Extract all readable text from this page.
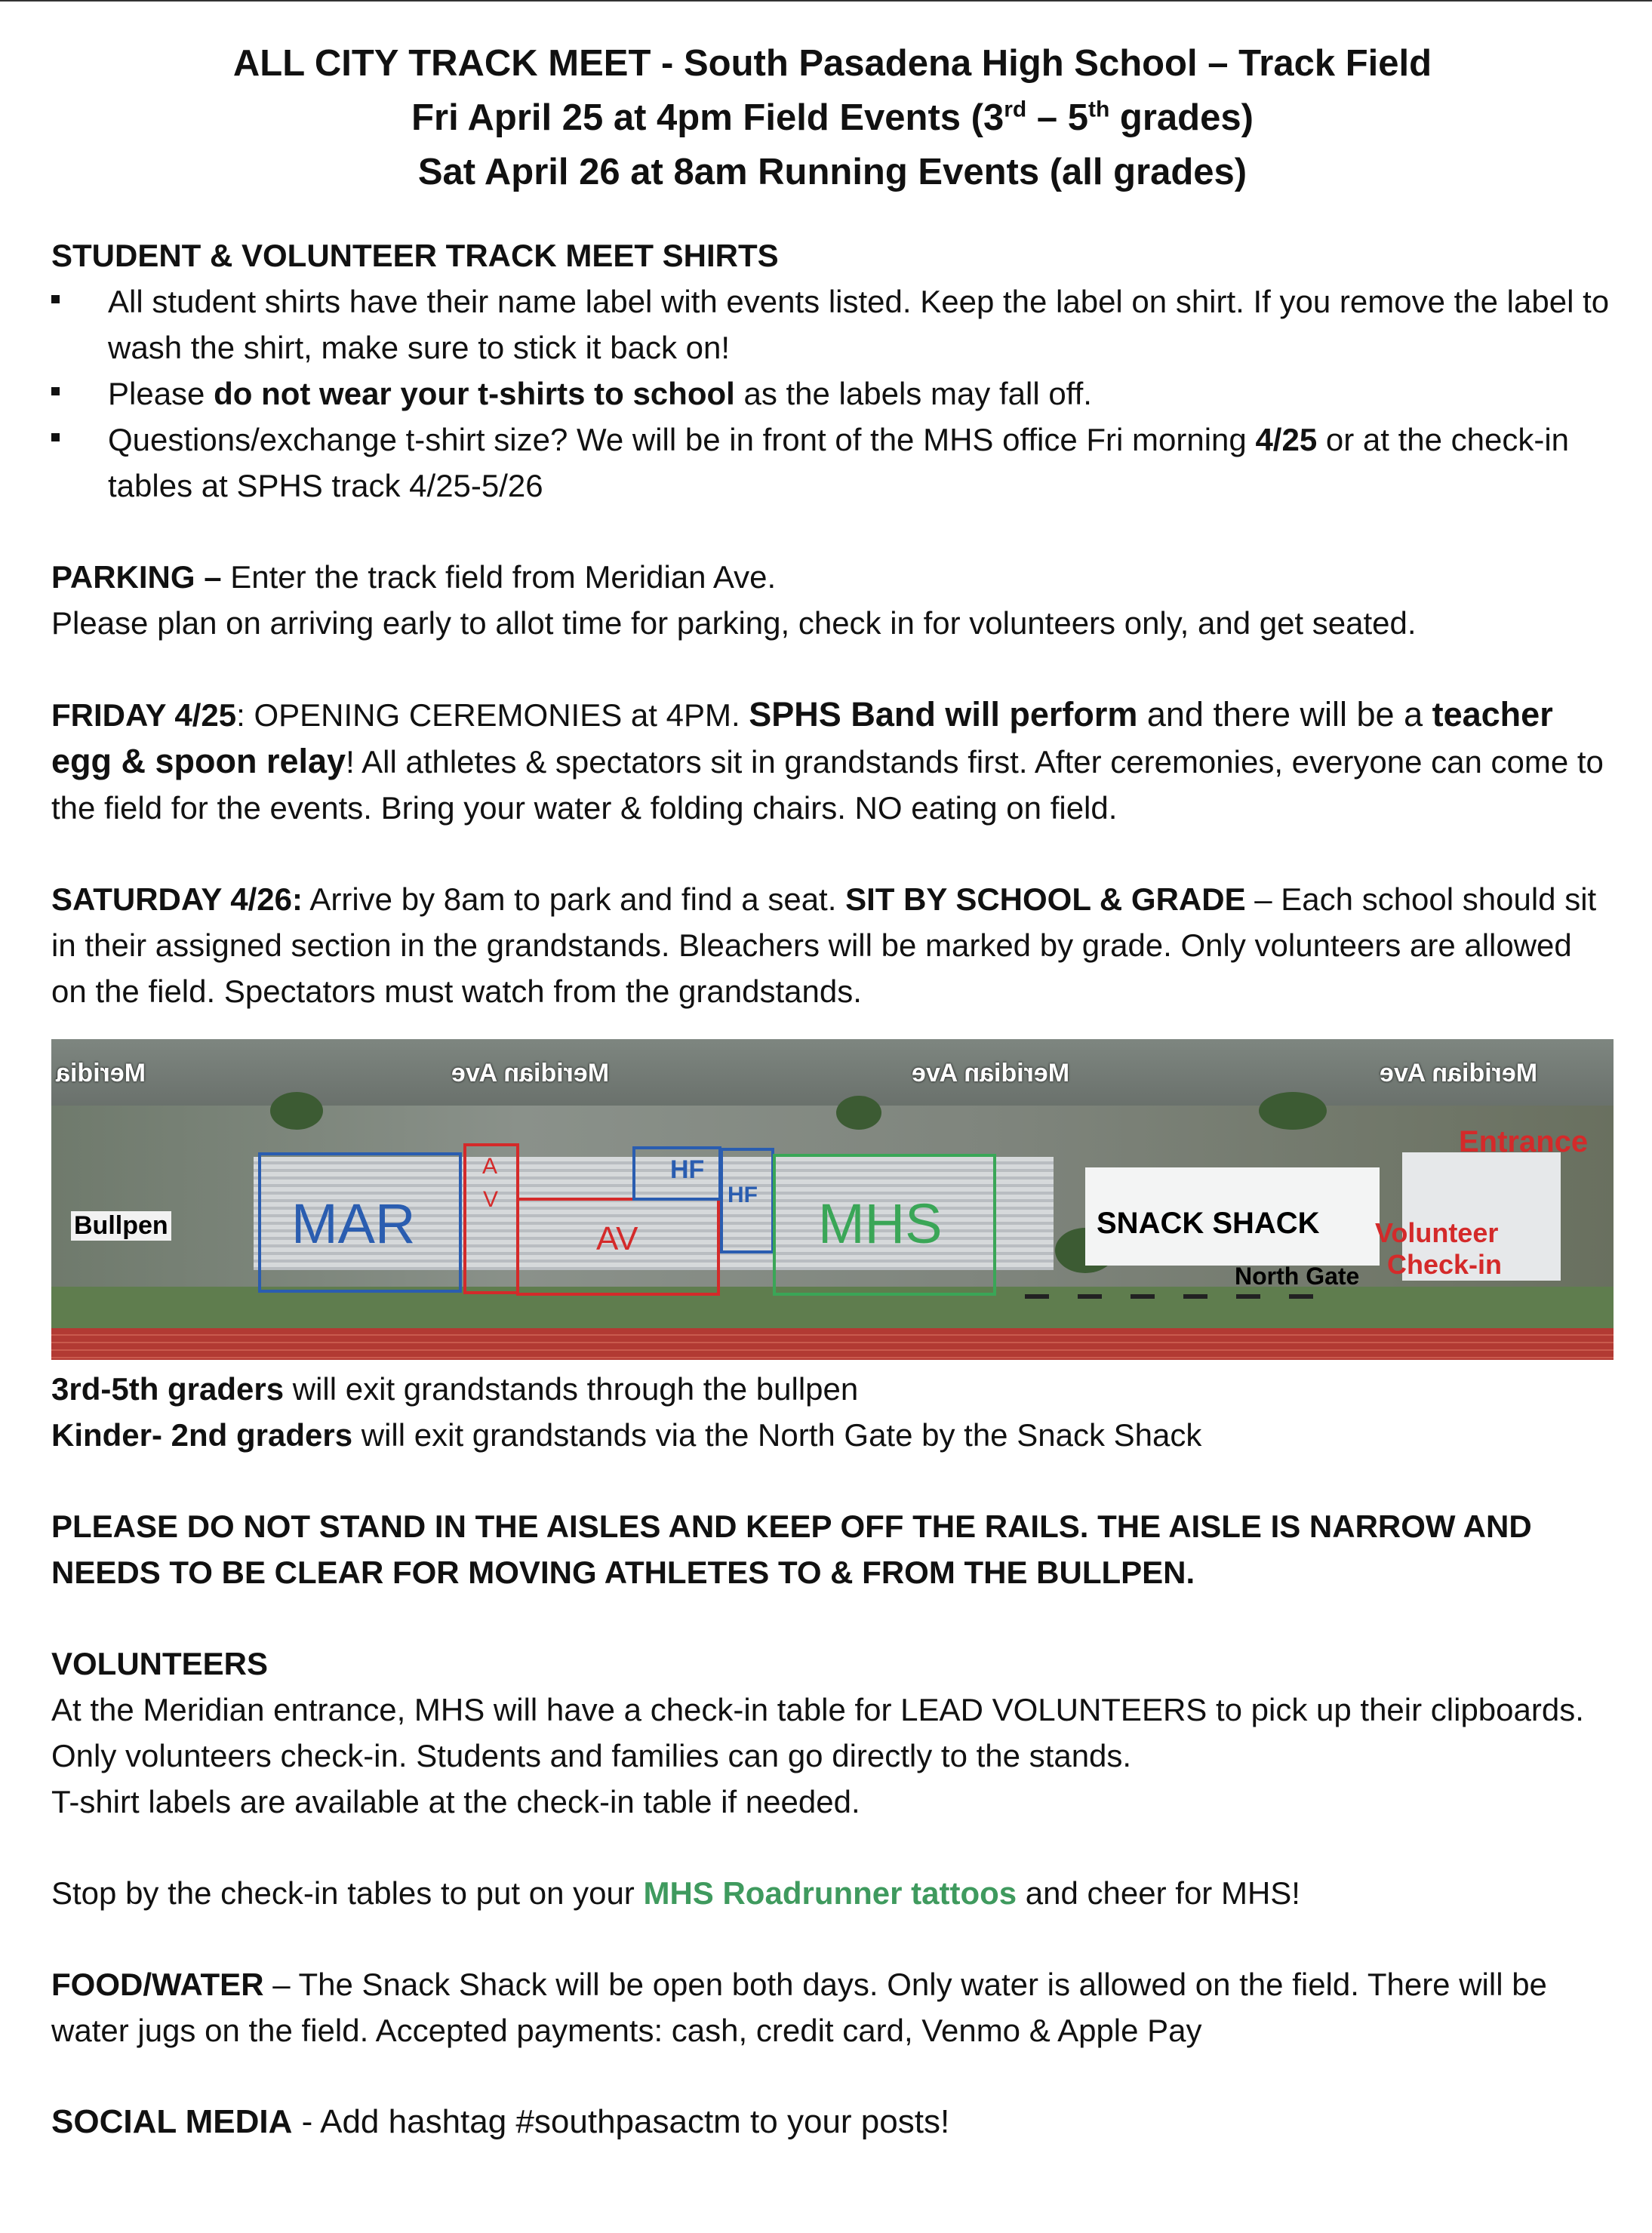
ALL CITY TRACK MEET - South Pasadena High School – Track Field
Fri April 25 at 4pm Field Events (3rd – 5th grades)
Sat April 26 at 8am Running Events (all grades)
STUDENT & VOLUNTEER TRACK MEET SHIRTS
All student shirts have their name label with events listed. Keep the label on shirt. If you remove the label to wash the shirt, make sure to stick it back on!
Please do not wear your t-shirts to school as the labels may fall off.
Questions/exchange t-shirt size? We will be in front of the MHS office Fri morning 4/25 or at the check-in tables at SPHS track 4/25-5/26
PARKING – Enter the track field from Meridian Ave.
Please plan on arriving early to allot time for parking, check in for volunteers only, and get seated.
FRIDAY 4/25: OPENING CEREMONIES at 4PM. SPHS Band will perform and there will be a teacher egg & spoon relay! All athletes & spectators sit in grandstands first. After ceremonies, everyone can come to the field for the events. Bring your water & folding chairs. NO eating on field.
SATURDAY 4/26: Arrive by 8am to park and find a seat. SIT BY SCHOOL & GRADE – Each school should sit in their assigned section in the grandstands. Bleachers will be marked by grade. Only volunteers are allowed on the field. Spectators must watch from the grandstands.
Meridia	Meridian Ave	Meridian Ave	Meridian Ave
Bullpen MAR
A
V
AV
HF
HF MHS	SNACK SHACK
North Gate
Entrance
Volunteer
Check-in
3rd-5th graders will exit grandstands through the bullpen
Kinder- 2nd graders will exit grandstands via the North Gate by the Snack Shack
PLEASE DO NOT STAND IN THE AISLES AND KEEP OFF THE RAILS. THE AISLE IS NARROW AND NEEDS TO BE CLEAR FOR MOVING ATHLETES TO & FROM THE BULLPEN.
VOLUNTEERS
At the Meridian entrance, MHS will have a check-in table for LEAD VOLUNTEERS to pick up their clipboards. Only volunteers check-in. Students and families can go directly to the stands.
T-shirt labels are available at the check-in table if needed.
Stop by the check-in tables to put on your MHS Roadrunner tattoos and cheer for MHS!
FOOD/WATER – The Snack Shack will be open both days. Only water is allowed on the field. There will be water jugs on the field. Accepted payments: cash, credit card, Venmo & Apple Pay
SOCIAL MEDIA - Add hashtag #southpasactm to your posts!
